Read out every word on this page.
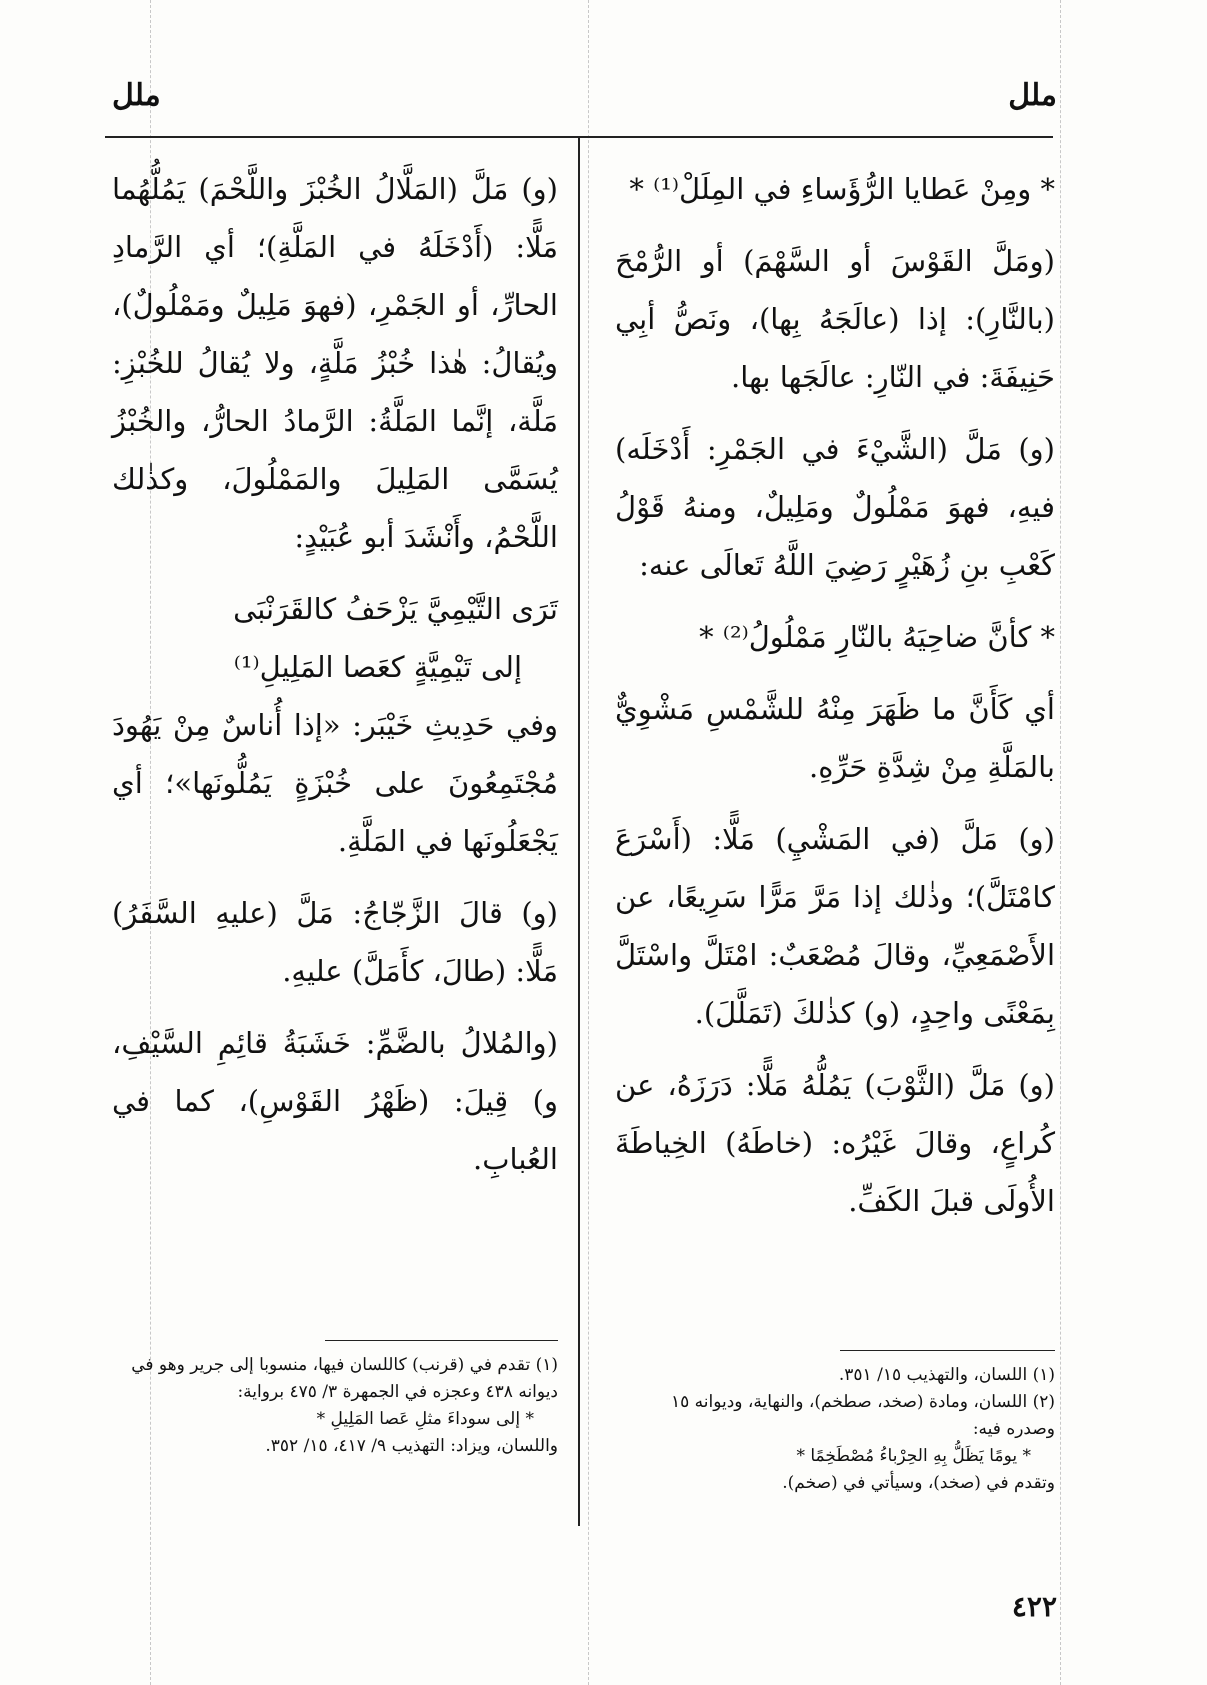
ملل
ملل

* ومِنْ عَطايا الرُّؤَساءِ في المِلَلْ⁽¹⁾ *

(ومَلَّ القَوْسَ أو السَّهْمَ) أو الرُّمْحَ (بالنَّارِ): إذا (عالَجَهُ بِها)، ونَصُّ أبِي حَنِيفَةَ: في النّارِ: عالَجَها بها.

(و) مَلَّ (الشَّيْءَ في الجَمْرِ: أَدْخَلَه) فيهِ، فهوَ مَمْلُولٌ ومَلِيلٌ، ومنهُ قَوْلُ كَعْبِ بنِ زُهَيْرٍ رَضِيَ اللَّهُ تَعالَى عنه:

* كأنَّ ضاحِيَهُ بالنّارِ مَمْلُولُ⁽²⁾ *

أي كَأَنَّ ما ظَهَرَ مِنْهُ للشَّمْسِ مَشْوِيٌّ بالمَلَّةِ مِنْ شِدَّةِ حَرِّهِ.

(و) مَلَّ (في المَشْيِ) مَلًّا: (أَسْرَعَ كامْتَلَّ)؛ وذٰلك إذا مَرَّ مَرًّا سَرِيعًا، عن الأَصْمَعِيِّ، وقالَ مُصْعَبٌ: امْتَلَّ واسْتَلَّ بِمَعْنًى واحِدٍ، (و) كذٰلكَ (تَمَلَّلَ).

(و) مَلَّ (الثَّوْبَ) يَمُلُّهُ مَلًّا: دَرَزَهُ، عن كُراعٍ، وقالَ غَيْرُه: (خاطَهُ) الخِياطَةَ الأُولَى قبلَ الكَفِّ.

(و) مَلَّ (المَلَّالُ الخُبْزَ واللَّحْمَ) يَمُلُّهُما مَلًّا: (أَدْخَلَهُ في المَلَّةِ)؛ أي الرَّمادِ الحارِّ، أو الجَمْرِ، (فهوَ مَلِيلٌ ومَمْلُولٌ)، ويُقالُ: هٰذا خُبْزُ مَلَّةٍ، ولا يُقالُ للخُبْزِ: مَلَّة، إنَّما المَلَّةُ: الرَّمادُ الحارُّ، والخُبْزُ يُسَمَّى المَلِيلَ والمَمْلُولَ، وكذٰلك اللَّحْمُ، وأَنْشَدَ أبو عُبَيْدٍ:

تَرَى التَّيْمِيَّ يَزْحَفُ كالقَرَنْبَى

إلى تَيْمِيَّةٍ كعَصا المَلِيلِ⁽¹⁾

وفي حَدِيثِ خَيْبَر: «إذا أُناسٌ مِنْ يَهُودَ مُجْتَمِعُونَ على خُبْزَةٍ يَمُلُّونَها»؛ أي يَجْعَلُونَها في المَلَّةِ.

(و) قالَ الزَّجّاجُ: مَلَّ (عليهِ السَّفَرُ) مَلًّا: (طالَ، كأَمَلَّ) عليهِ.

(والمُلالُ بالضَّمِّ: خَشَبَةُ قائِمِ السَّيْفِ، و) قِيلَ: (ظَهْرُ القَوْسِ)، كما في العُبابِ.

(١) اللسان، والتهذيب ١٥/ ٣٥١.

(٢) اللسان، ومادة (صخد، صطخم)، والنهاية، وديوانه ١٥ وصدره فيه:

* يومًا يَظَلُّ بِهِ الحِرْباءُ مُصْطَخِمًا *

وتقدم في (صخد)، وسيأتي في (صخم).

(١) تقدم في (قرنب) كاللسان فيها، منسوبا إلى جرير وهو في ديوانه ٤٣٨ وعجزه في الجمهرة ٣/ ٤٧٥ برواية:

* إلى سوداءَ مثلِ عَصا المَلِيلِ *

واللسان، ويزاد: التهذيب ٩/ ٤١٧، ١٥/ ٣٥٢.

٤٢٢
